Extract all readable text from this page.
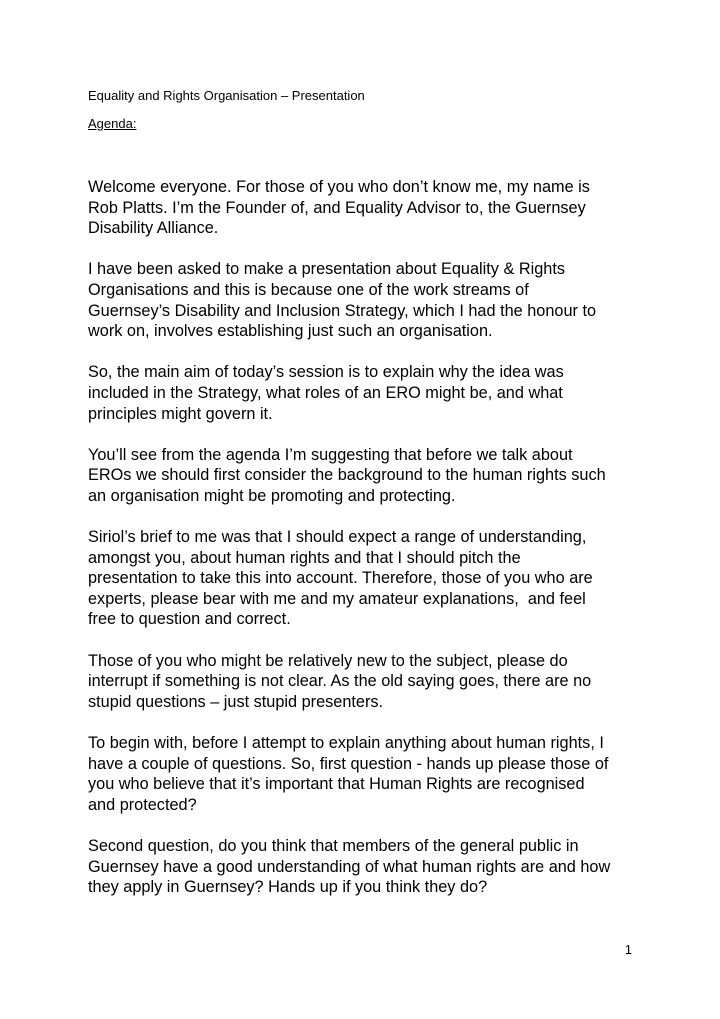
Equality and Rights Organisation – Presentation
Agenda:

Welcome everyone. For those of you who don’t know me, my name is
Rob Platts. I’m the Founder of, and Equality Advisor to, the Guernsey
Disability Alliance.

I have been asked to make a presentation about Equality & Rights
Organisations and this is because one of the work streams of
Guernsey’s Disability and Inclusion Strategy, which I had the honour to
work on, involves establishing just such an organisation.

So, the main aim of today’s session is to explain why the idea was
included in the Strategy, what roles of an ERO might be, and what
principles might govern it.

You’ll see from the agenda I’m suggesting that before we talk about
EROs we should first consider the background to the human rights such
an organisation might be promoting and protecting.

Siriol’s brief to me was that I should expect a range of understanding,
amongst you, about human rights and that I should pitch the
presentation to take this into account. Therefore, those of you who are
experts, please bear with me and my amateur explanations,  and feel
free to question and correct.

Those of you who might be relatively new to the subject, please do
interrupt if something is not clear. As the old saying goes, there are no
stupid questions – just stupid presenters.

To begin with, before I attempt to explain anything about human rights, I
have a couple of questions. So, first question - hands up please those of
you who believe that it’s important that Human Rights are recognised
and protected?

Second question, do you think that members of the general public in
Guernsey have a good understanding of what human rights are and how
they apply in Guernsey? Hands up if you think they do?

1
